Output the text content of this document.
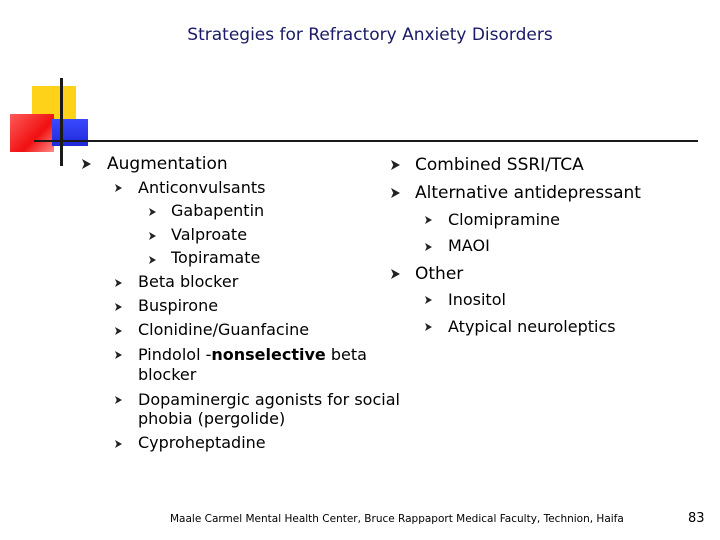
Strategies for Refractory Anxiety Disorders
Augmentation
Anticonvulsants
Gabapentin
Valproate
Topiramate
Beta blocker
Buspirone
Clonidine/Guanfacine
Pindolol -nonselective beta
blocker
Dopaminergic agonists for social
phobia (pergolide)
Cyproheptadine
Combined SSRI/TCA
Alternative antidepressant
Clomipramine
MAOI
Other
Inositol
Atypical neuroleptics
Maale Carmel Mental Health Center, Bruce Rappaport Medical Faculty, Technion, Haifa	83
